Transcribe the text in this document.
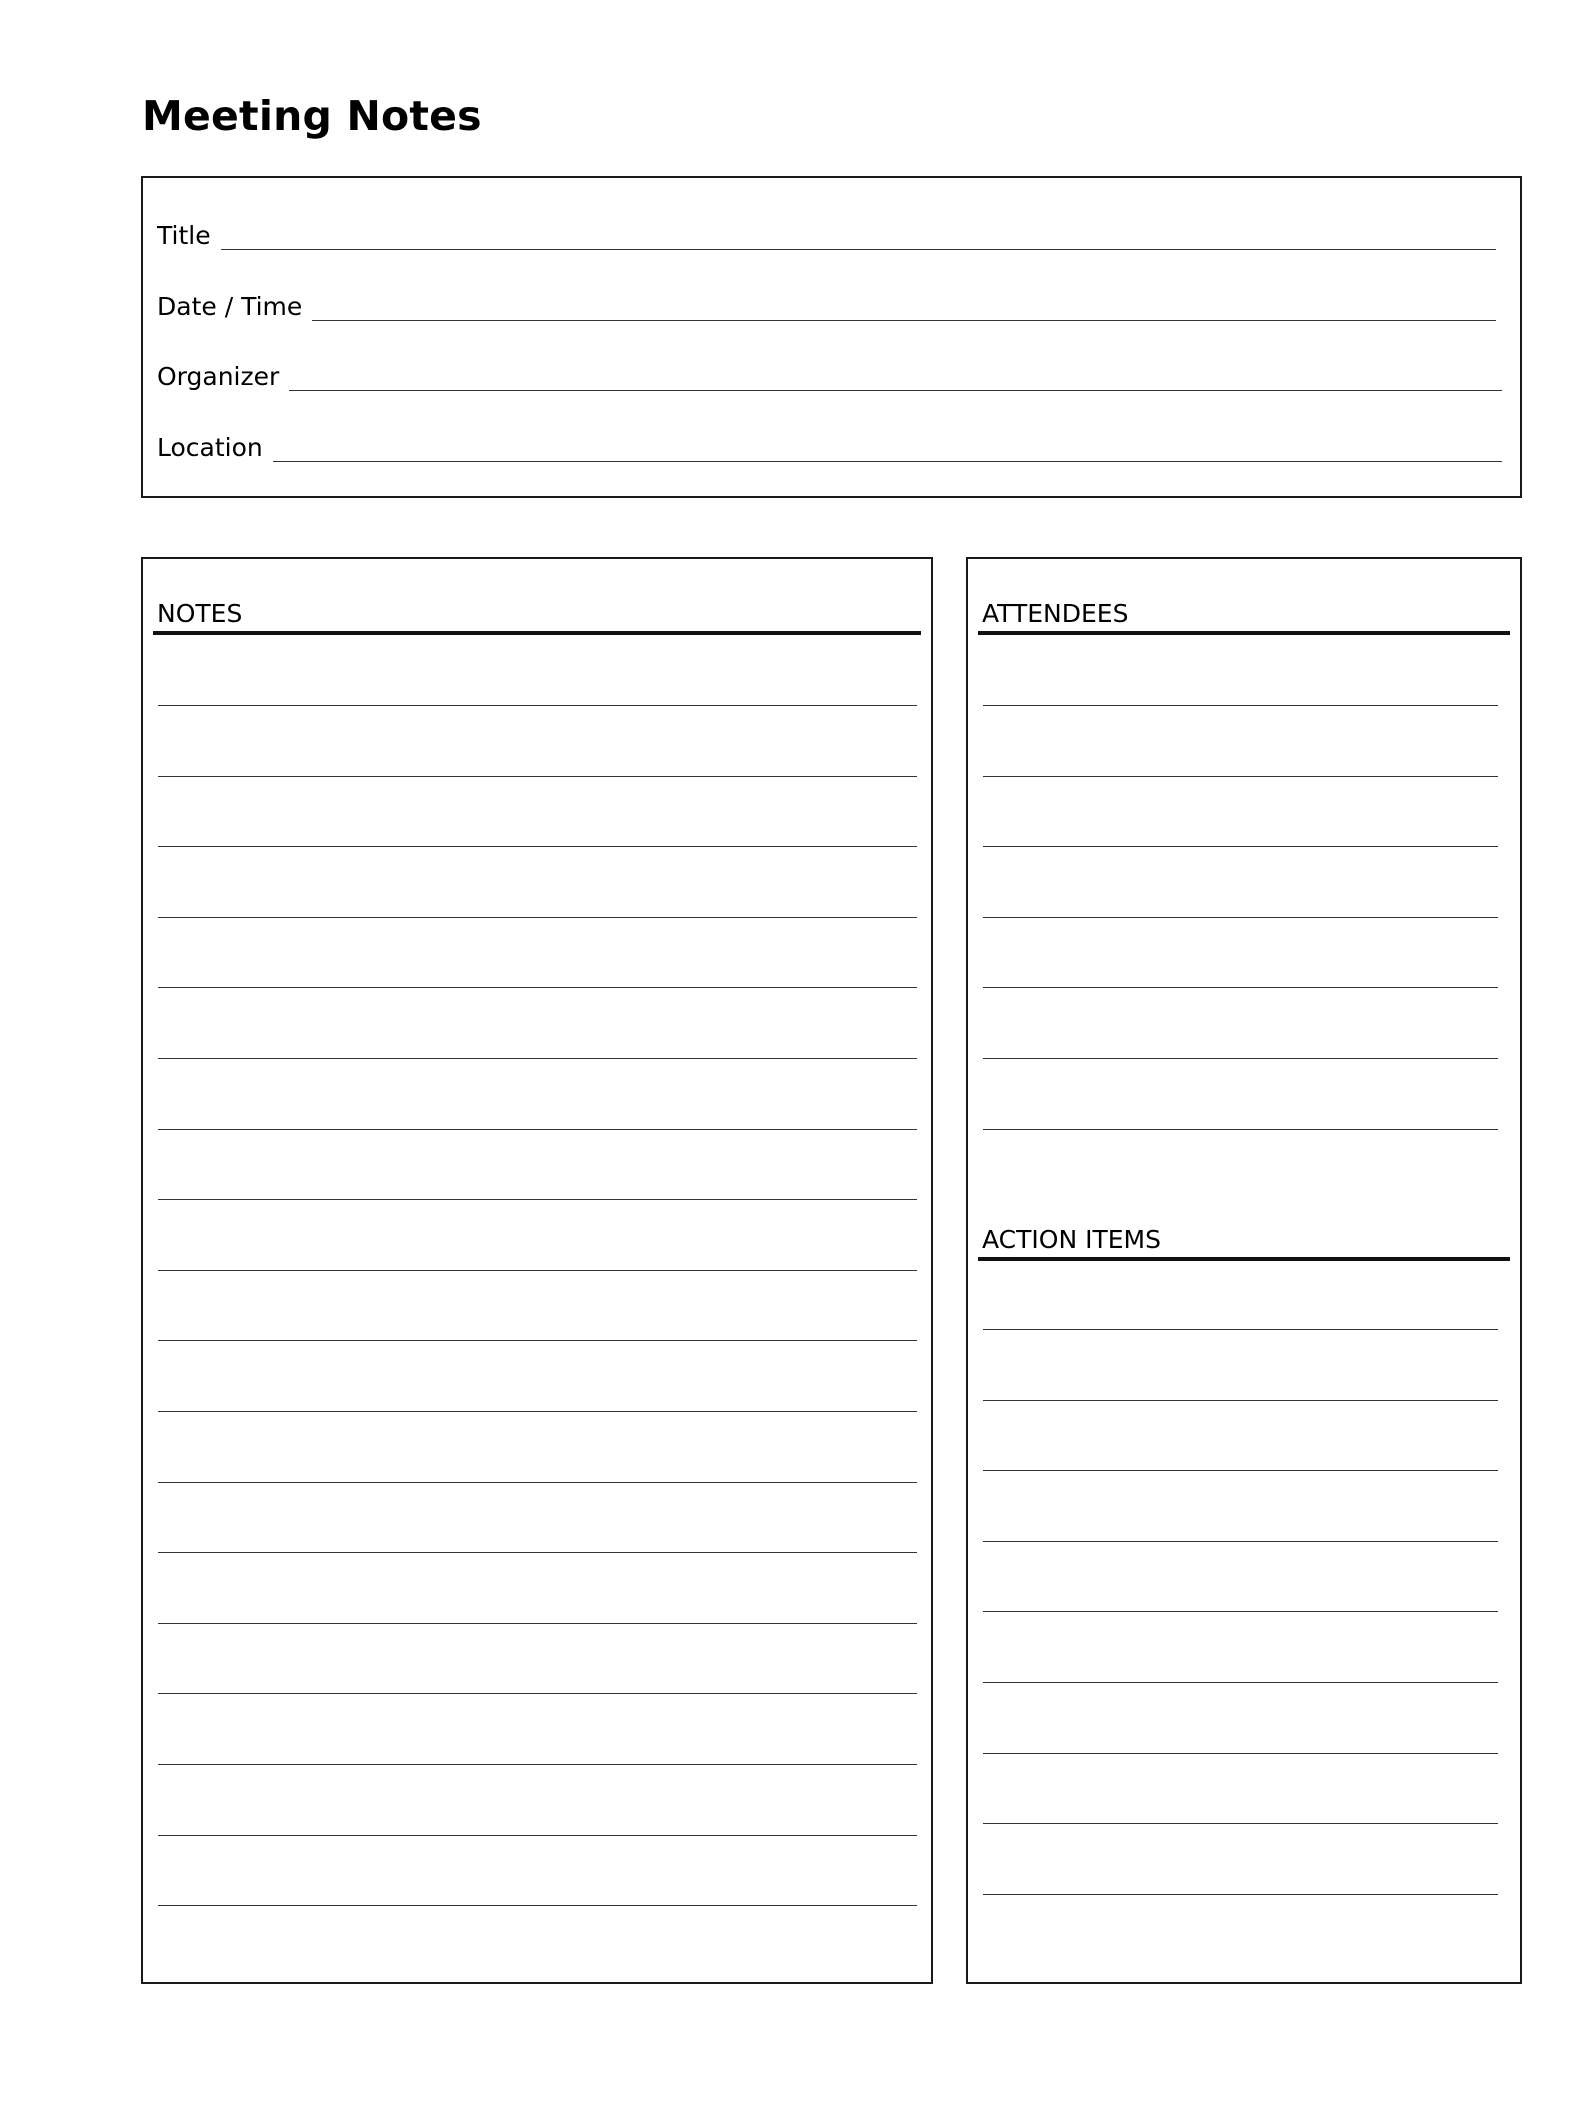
Meeting Notes
Title
Date / Time
Organizer
Location
NOTES	ATTENDEES
ACTION ITEMS
